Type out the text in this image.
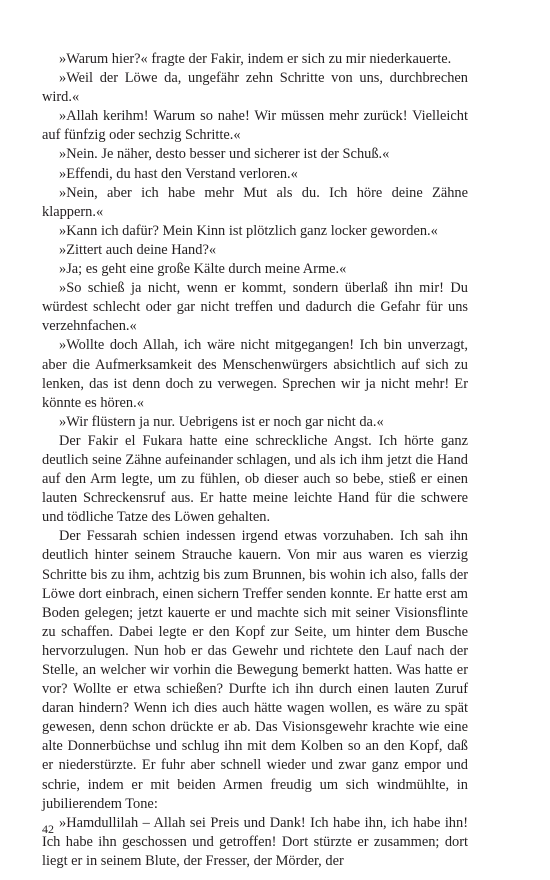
»Warum hier?« fragte der Fakir, indem er sich zu mir niederkauerte.

»Weil der Löwe da, ungefähr zehn Schritte von uns, durchbrechen wird.«

»Allah kerihm! Warum so nahe! Wir müssen mehr zurück! Vielleicht auf fünfzig oder sechzig Schritte.«

»Nein. Je näher, desto besser und sicherer ist der Schuß.«

»Effendi, du hast den Verstand verloren.«

»Nein, aber ich habe mehr Mut als du. Ich höre deine Zähne klappern.«

»Kann ich dafür? Mein Kinn ist plötzlich ganz locker geworden.«

»Zittert auch deine Hand?«

»Ja; es geht eine große Kälte durch meine Arme.«

»So schieß ja nicht, wenn er kommt, sondern überlaß ihn mir! Du würdest schlecht oder gar nicht treffen und dadurch die Gefahr für uns verzehnfachen.«

»Wollte doch Allah, ich wäre nicht mitgegangen! Ich bin unverzagt, aber die Aufmerksamkeit des Menschenwürgers absichtlich auf sich zu lenken, das ist denn doch zu verwegen. Sprechen wir ja nicht mehr! Er könnte es hören.«

»Wir flüstern ja nur. Uebrigens ist er noch gar nicht da.«

Der Fakir el Fukara hatte eine schreckliche Angst. Ich hörte ganz deutlich seine Zähne aufeinander schlagen, und als ich ihm jetzt die Hand auf den Arm legte, um zu fühlen, ob dieser auch so bebe, stieß er einen lauten Schreckensruf aus. Er hatte meine leichte Hand für die schwere und tödliche Tatze des Löwen gehalten.

Der Fessarah schien indessen irgend etwas vorzuhaben. Ich sah ihn deutlich hinter seinem Strauche kauern. Von mir aus waren es vierzig Schritte bis zu ihm, achtzig bis zum Brunnen, bis wohin ich also, falls der Löwe dort einbrach, einen sichern Treffer senden konnte. Er hatte erst am Boden gelegen; jetzt kauerte er und machte sich mit seiner Visionsflinte zu schaffen. Dabei legte er den Kopf zur Seite, um hinter dem Busche hervorzulugen. Nun hob er das Gewehr und richtete den Lauf nach der Stelle, an welcher wir vorhin die Bewegung bemerkt hatten. Was hatte er vor? Wollte er etwa schießen? Durfte ich ihn durch einen lauten Zuruf daran hindern? Wenn ich dies auch hätte wagen wollen, es wäre zu spät gewesen, denn schon drückte er ab. Das Visionsgewehr krachte wie eine alte Donnerbüchse und schlug ihn mit dem Kolben so an den Kopf, daß er niederstürzte. Er fuhr aber schnell wieder und zwar ganz empor und schrie, indem er mit beiden Armen freudig um sich windmühlte, in jubilierendem Tone:

»Hamdullilah – Allah sei Preis und Dank! Ich habe ihn, ich habe ihn! Ich habe ihn geschossen und getroffen! Dort stürzte er zusammen; dort liegt er in seinem Blute, der Fresser, der Mörder, der

42
